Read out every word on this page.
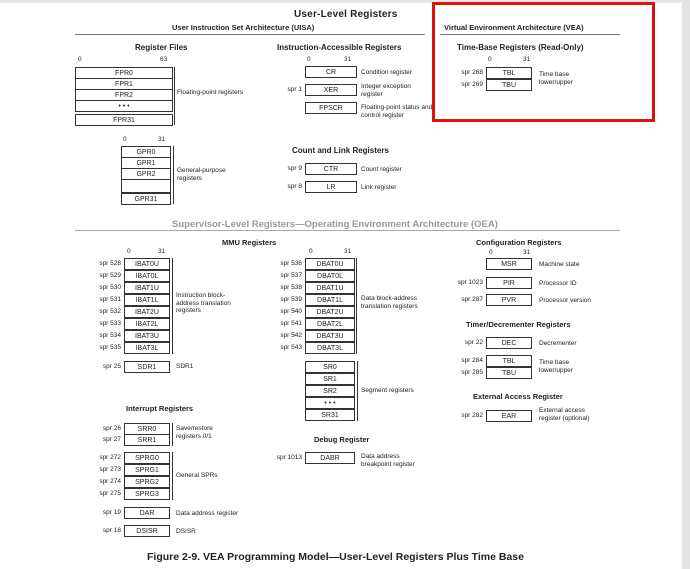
User-Level Registers
User Instruction Set Architecture (UISA)	Virtual Environment Architecture (VEA)
Register Files
0	63
FPR0
FPR1
FPR2
• • •
FPR31
Floating-point registers
Instruction-Accessible Registers
0	31
CR	Condition register
spr 1	XER
Integer exception register
FPSCR	Floating-point status and control register
Time-Base Registers (Read-Only)
0	31
spr 268	TBL
spr 269	TBU
Time base lower/upper
0	31
GPR0
GPR1
GPR2
GPR31
General-purpose registers
Count and Link Registers
spr 9	CTR	Count register
spr 8	LR	Link register
Supervisor-Level Registers—Operating Environment Architecture (OEA)
MMU Registers
0	31
spr 528	IBAT0U
spr 529	IBAT0L
spr 530	IBAT1U
spr 531	IBAT1L
spr 532	IBAT2U
spr 533	IBAT2L
spr 534	IBAT3U
spr 535	IBAT3L
Instruction block-address translation registers
spr 25	SDR1	SDR1
0	31
spr 536	DBAT0U
spr 537	DBAT0L
spr 538	DBAT1U
spr 539	DBAT1L
spr 540	DBAT2U
spr 541	DBAT2L
spr 542	DBAT3U
spr 543	DBAT3L
Data block-address translation registers
SR0
SR1
SR2
• • •
SR31
Segment registers
Interrupt Registers
spr 26	SRR0
spr 27	SRR1
Save/restore registers 0/1
spr 272	SPRG0
spr 273	SPRG1
spr 274	SPRG2
spr 275	SPRG3
General SPRs
spr 19	DAR	Data address register
spr 18	DSISR	DSISR
Debug Register
spr 1013	DABR	Data address breakpoint register
Configuration Registers
0	31
MSR	Machine state
spr 1023	PIR	Processor ID
spr 287	PVR	Processor version
Timer/Decrementer Registers
spr 22	DEC	Decrementer
spr 284	TBL
spr 285	TBU
Time base lower/upper
External Access Register
spr 282	EAR
External access register (optional)
Figure 2-9. VEA Programming Model—User-Level Registers Plus Time Base
